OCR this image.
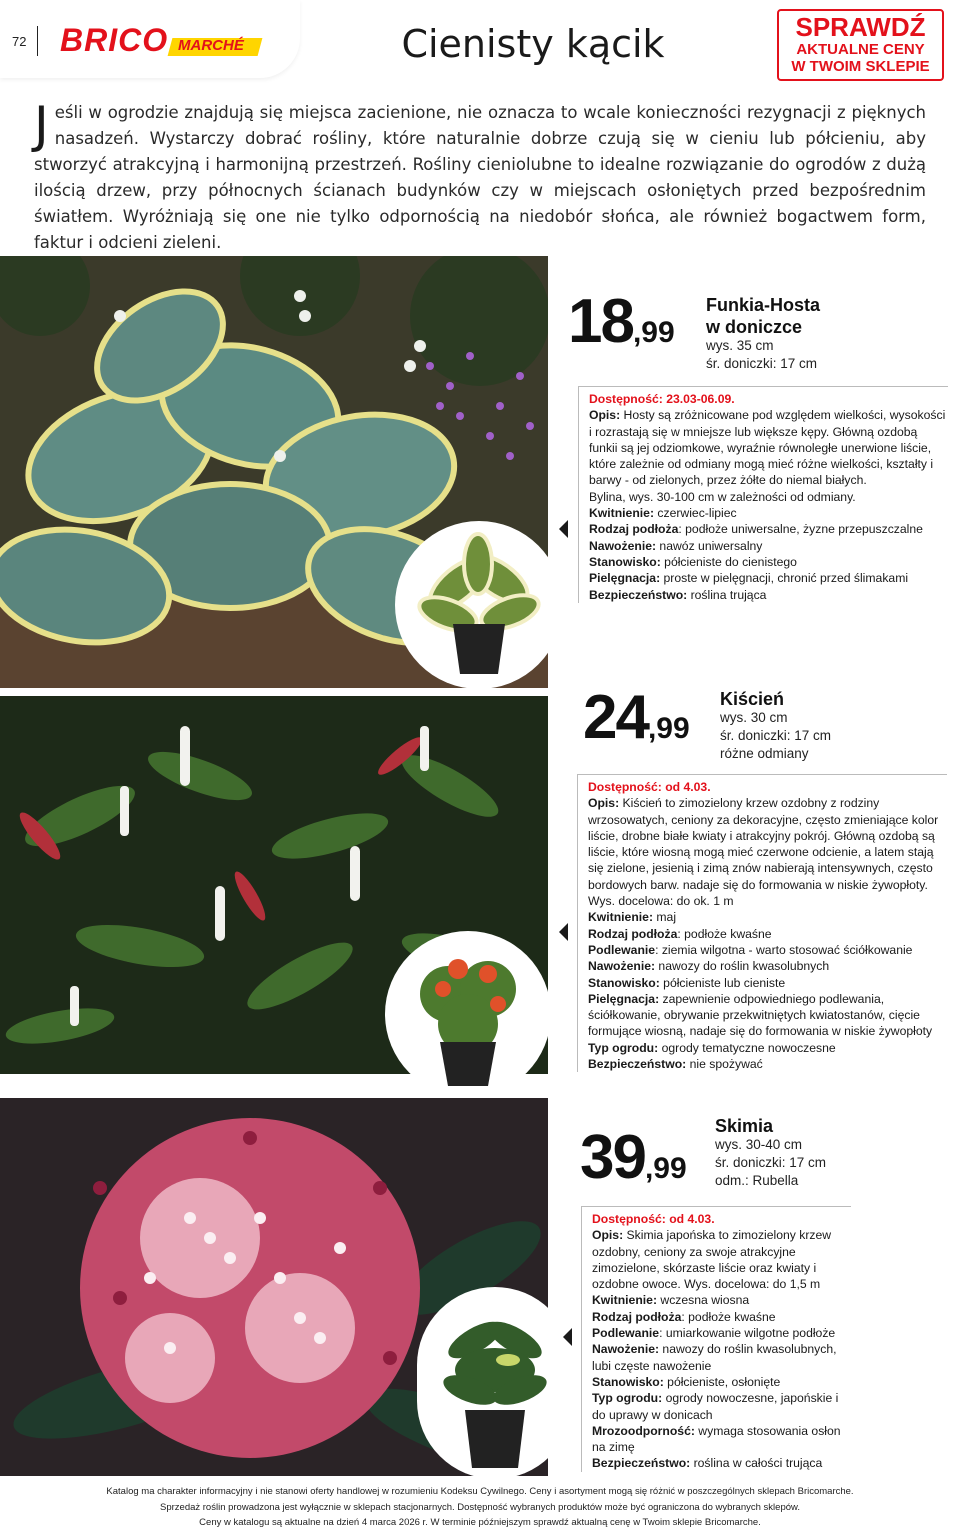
72 BRICO MARCHÉ	Cienisty kącik	SPRAWDŹ
AKTUALNE CENY
W TWOIM SKLEPIE
Jeśli w ogrodzie znajdują się miejsca zacienione, nie oznacza to wcale konieczności rezygnacji z pięknych nasadzeń. Wystarczy dobrać rośliny, które naturalnie dobrze czują się w cieniu lub półcieniu, aby stworzyć atrakcyjną i harmonijną przestrzeń. Rośliny cieniolubne to idealne rozwiązanie do ogrodów z dużą ilością drzew, przy północnych ścianach budynków czy w miejscach osłoniętych przed bezpośrednim światłem. Wyróżniają się one nie tylko odpornością na niedobór słońca, ale również bogactwem form, faktur i odcieni zieleni.
iStock
18,99
Funkia-Hosta
w doniczce
wys. 35 cm
śr. doniczki: 17 cm

Dostępność: 23.03-06.09.

Opis: Hosty są zróżnicowane pod względem wielkości, wysokości i rozrastają się w mniejsze lub większe kępy. Główną ozdobą funkii są jej odziomkowe, wyraźnie równoległe unerwione liście, które zależnie od odmiany mogą mieć różne wielkości, kształty i barwy - od zielonych, przez żółte do niemal białych.

Bylina, wys. 30-100 cm w zależności od odmiany.

Kwitnienie: czerwiec-lipiec

Rodzaj podłoża: podłoże uniwersalne, żyzne przepuszczalne

Nawożenie: nawóz uniwersalny

Stanowisko: półcieniste do cienistego

Pielęgnacja: proste w pielęgnacji, chronić przed ślimakami

Bezpieczeństwo: roślina trująca

24,99
Kiścień
wys. 30 cm
śr. doniczki: 17 cm
różne odmiany

Dostępność: od 4.03.

Opis: Kiścień to zimozielony krzew ozdobny z rodziny wrzosowatych, ceniony za dekoracyjne, często zmieniające kolor liście, drobne białe kwiaty i atrakcyjny pokrój. Główną ozdobą są liście, które wiosną mogą mieć czerwone odcienie, a latem stają się zielone, jesienią i zimą znów nabierają intensywnych, często bordowych barw. nadaje się do formowania w niskie żywopłoty. Wys. docelowa: do ok. 1 m

Kwitnienie: maj

Rodzaj podłoża: podłoże kwaśne

Podlewanie: ziemia wilgotna - warto stosować ściółkowanie

Nawożenie: nawozy do roślin kwasolubnych

Stanowisko: półcieniste lub cieniste

Pielęgnacja: zapewnienie odpowiedniego podlewania, ściółkowanie, obrywanie przekwitniętych kwiatostanów, cięcie formujące wiosną, nadaje się do formowania w niskie żywopłoty

Typ ogrodu: ogrody tematyczne nowoczesne

Bezpieczeństwo: nie spożywać

39,99
Skimia
wys. 30-40 cm
śr. doniczki: 17 cm
odm.: Rubella

Dostępność: od 4.03.

Opis: Skimia japońska to zimozielony krzew ozdobny, ceniony za swoje atrakcyjne zimozielone, skórzaste liście oraz kwiaty i ozdobne owoce. Wys. docelowa: do 1,5 m

Kwitnienie: wczesna wiosna

Rodzaj podłoża: podłoże kwaśne

Podlewanie: umiarkowanie wilgotne podłoże

Nawożenie: nawozy do roślin kwasolubnych, lubi częste nawożenie

Stanowisko: półcieniste, osłonięte

Typ ogrodu: ogrody nowoczesne, japońskie i do uprawy w donicach

Mrozoodporność: wymaga stosowania osłon na zimę

Bezpieczeństwo: roślina w całości trująca

Katalog ma charakter informacyjny i nie stanowi oferty handlowej w rozumieniu Kodeksu Cywilnego. Ceny i asortyment mogą się różnić w poszczególnych sklepach Bricomarche.
Sprzedaż roślin prowadzona jest wyłącznie w sklepach stacjonarnych. Dostępność wybranych produktów może być ograniczona do wybranych sklepów.
Ceny w katalogu są aktualne na dzień 4 marca 2026 r. W terminie późniejszym sprawdź aktualną cenę w Twoim sklepie Bricomarche.
